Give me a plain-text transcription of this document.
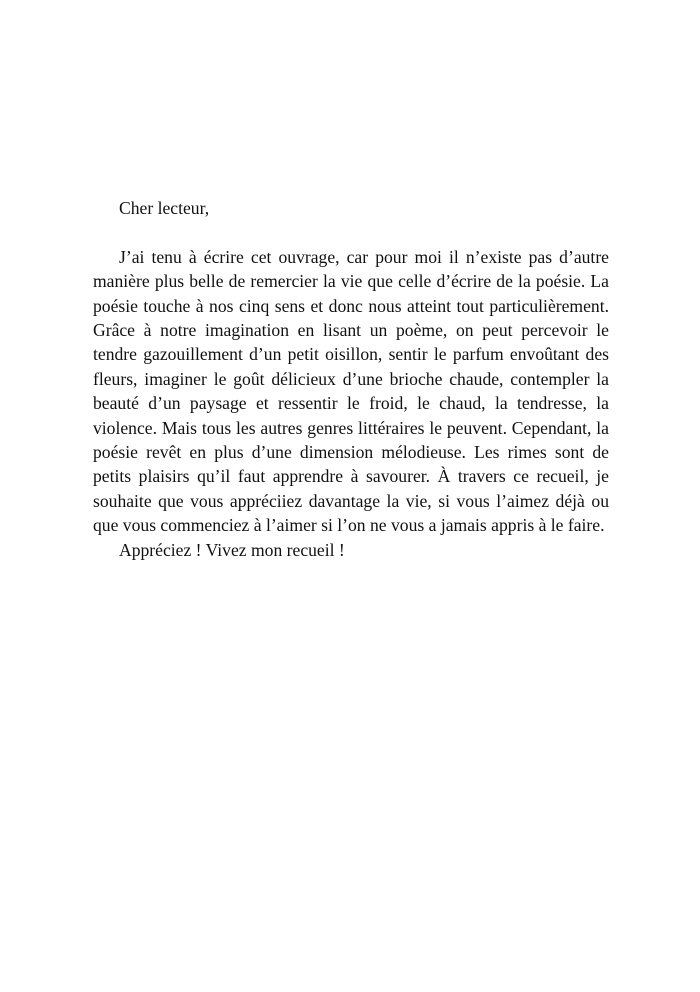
Cher lecteur,

J’ai tenu à écrire cet ouvrage, car pour moi il n’existe pas d’autre manière plus belle de remercier la vie que celle d’écrire de la poésie. La poésie touche à nos cinq sens et donc nous atteint tout particulièrement. Grâce à notre imagination en lisant un poème, on peut percevoir le tendre gazouillement d’un petit oisillon, sentir le parfum envoûtant des fleurs, imaginer le goût délicieux d’une brioche chaude, contempler la beauté d’un paysage et ressentir le froid, le chaud, la tendresse, la violence. Mais tous les autres genres littéraires le peuvent. Cependant, la poésie revêt en plus d’une dimension mélodieuse. Les rimes sont de petits plaisirs qu’il faut apprendre à savourer. À travers ce recueil, je souhaite que vous appréciiez davantage la vie, si vous l’aimez déjà ou que vous commenciez à l’aimer si l’on ne vous a jamais appris à le faire.

Appréciez ! Vivez mon recueil !
